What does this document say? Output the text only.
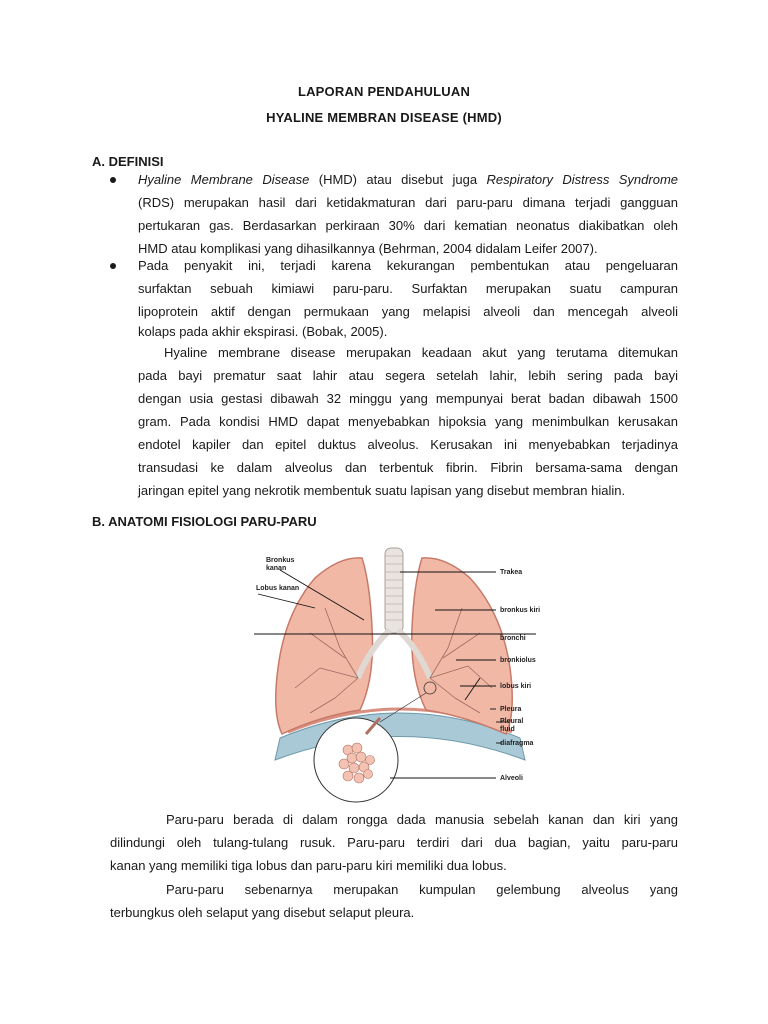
LAPORAN PENDAHULUAN
HYALINE MEMBRAN DISEASE (HMD)
A. DEFINISI
Hyaline Membrane Disease (HMD) atau disebut juga Respiratory Distress Syndrome
(RDS) merupakan hasil dari ketidakmaturan dari paru-paru dimana terjadi gangguan
pertukaran gas. Berdasarkan perkiraan 30% dari kematian neonatus diakibatkan oleh
HMD atau komplikasi yang dihasilkannya (Behrman, 2004 didalam Leifer 2007).
Pada penyakit ini, terjadi karena kekurangan pembentukan atau pengeluaran
surfaktan sebuah kimiawi paru-paru. Surfaktan merupakan suatu campuran
lipoprotein aktif dengan permukaan yang melapisi alveoli dan mencegah alveoli
kolaps pada akhir ekspirasi. (Bobak, 2005).
Hyaline membrane disease merupakan keadaan akut yang terutama ditemukan
pada bayi prematur saat lahir atau segera setelah lahir, lebih sering pada bayi
dengan usia gestasi dibawah 32 minggu yang mempunyai berat badan dibawah 1500
gram. Pada kondisi HMD dapat menyebabkan hipoksia yang menimbulkan kerusakan
endotel kapiler dan epitel duktus alveolus. Kerusakan ini menyebabkan terjadinya
transudasi ke dalam alveolus dan terbentuk fibrin. Fibrin bersama-sama dengan
jaringan epitel yang nekrotik membentuk suatu lapisan yang disebut membran hialin.
B. ANATOMI FISIOLOGI PARU-PARU
Bronkus
kanan
Lobus kanan
Trakea
bronkus kiri
bronchi
bronkiolus
lobus kiri
Pleura
Pleural
fluid
diafragma
Alveoli
Paru-paru berada di dalam rongga dada manusia sebelah kanan dan kiri yang
dilindungi oleh tulang-tulang rusuk. Paru-paru terdiri dari dua bagian, yaitu paru-paru
kanan yang memiliki tiga lobus dan paru-paru kiri memiliki dua lobus.
Paru-paru sebenarnya merupakan kumpulan gelembung alveolus yang
terbungkus oleh selaput yang disebut selaput pleura.
